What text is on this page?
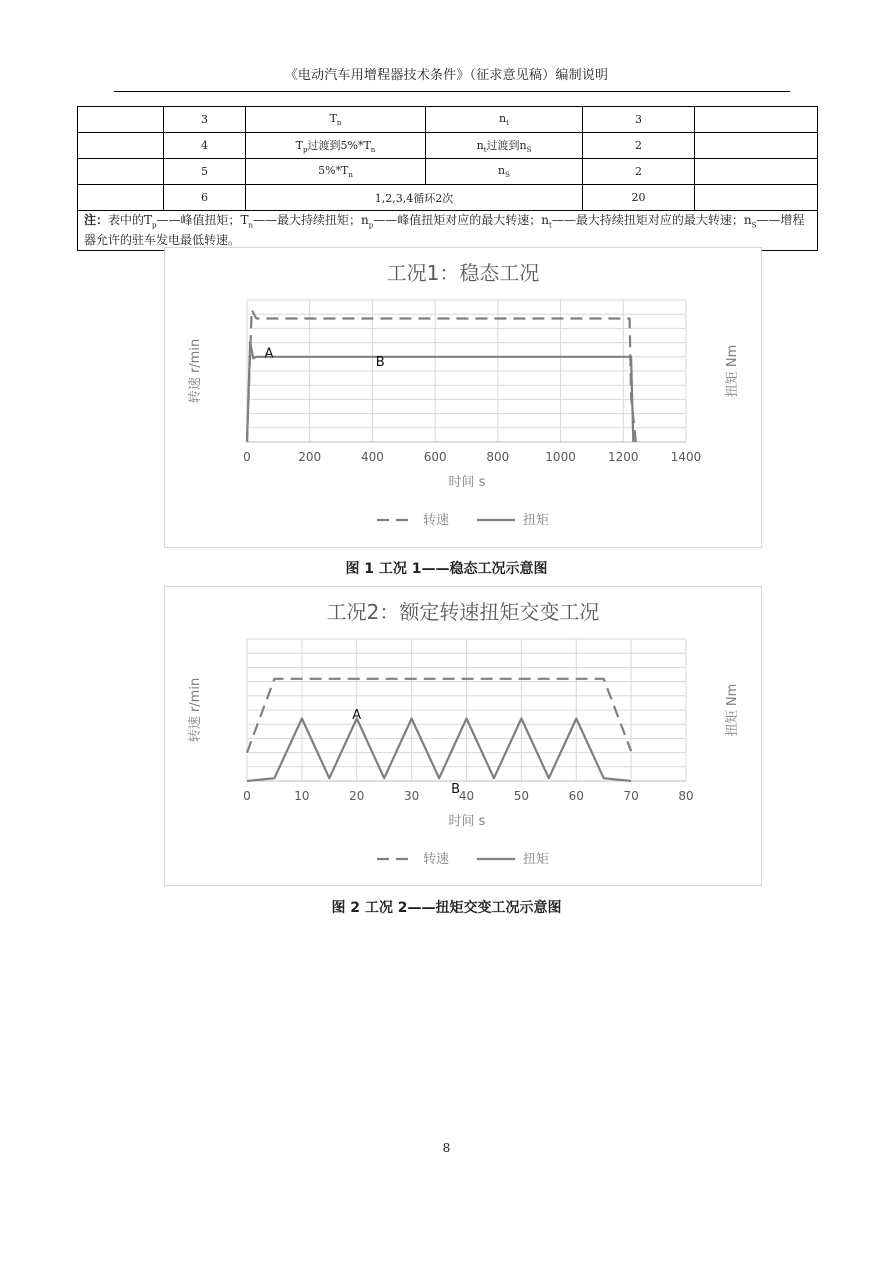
《电动汽车用增程器技术条件》（征求意见稿）编制说明
	3	$T_n$	$n_t$	3	
	4	$T_p$过渡到$5\%*T_n$	$n_t$过渡到$n_S$	2	
	5	$5\%*T_n$	$n_S$	2	
	6	1,2,3,4循环2次		20	
注：表中的$T_p——$峰值扭矩；$T_n——$最大持续扭矩；$n_p——$峰值扭矩对应的最大转速；$n_t——$最大持续扭矩对应的最大转速；$n_S——$增程器允许的驻车发电最低转速。					
工况1：稳态工况
0	200	400	600	800	1000	1200	1400
时间 s
转速 r/min	扭矩 Nm
A
B
转速	扭矩
图 1 工况 1——稳态工况示意图
工况2：额定转速扭矩交变工况
0	10	20	30	40	50	60	70	80
时间 s
转速 r/min	扭矩 Nm
A
B
转速	扭矩
图 2 工况 2——扭矩交变工况示意图
8
